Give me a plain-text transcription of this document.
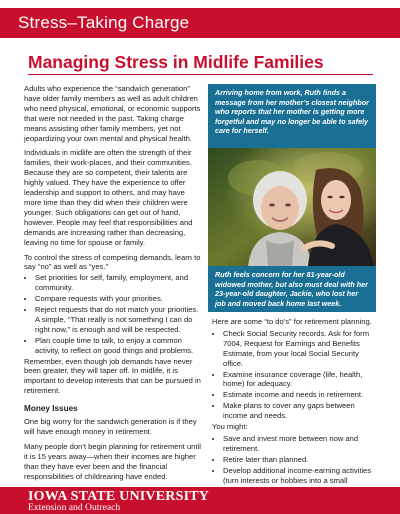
Stress–Taking Charge
Managing Stress in Midlife Families

Adults who experience the “sandwich generation” have older family members as well as adult children who need physical, emotional, or economic supports that were not needed in the past. Taking charge means assisting other family members, yet not jeopardizing your own mental and physical health.

Individuals in midlife are often the strength of their families, their work-places, and their communities. Because they are so competent, their talents are highly valued. They have the experience to offer leadership and support to others, and may have more time than they did when their children were younger. Such obligations can get out of hand, however. People may feel that responsibilities and demands are increasing rather than decreasing, leaving no time for spouse or family.

To control the stress of competing demands, learn to say “no” as well as “yes.”

• Set priorities for self, family, employment, and community.
• Compare requests with your priorities.
• Reject requests that do not match your priorities. A simple, “That really is not something I can do right now,” is enough and will be respected.
• Plan couple time to talk, to enjoy a common activity, to reflect on good things and problems.

Remember, even though job demands have never been greater, they will taper off. In midlife, it is important to develop interests that can be pursued in retirement.

Money Issues

One big worry for the sandwich generation is if they will have enough money in retirement.

Many people don’t begin planning for retirement until it is 15 years away—when their incomes are higher than they have ever been and the financial responsibilities of childrearing have ended.

Arriving home from work, Ruth finds a message from her mother’s closest neighbor who reports that her mother is getting more forgetful and may no longer be able to safely care for herself.
Ruth feels concern for her 81-year-old widowed mother, but also must deal with her 23-year-old daughter, Jackie, who lost her job and moved back home last week.

Here are some “to do’s” for retirement planning.

• Check Social Security records. Ask for form 7004, Request for Earnings and Benefits Estimate, from your local Social Security office.
• Examine insurance coverage (life, health, home) for adequacy.
• Estimate income and needs in retirement.
• Make plans to cover any gaps between income and needs.

You might:

• Save and invest more between now and retirement.
• Retire later than planned.
• Develop additional income-earning activities (turn interests or hobbies into a small
IOWA STATE UNIVERSITY
Extension and Outreach
